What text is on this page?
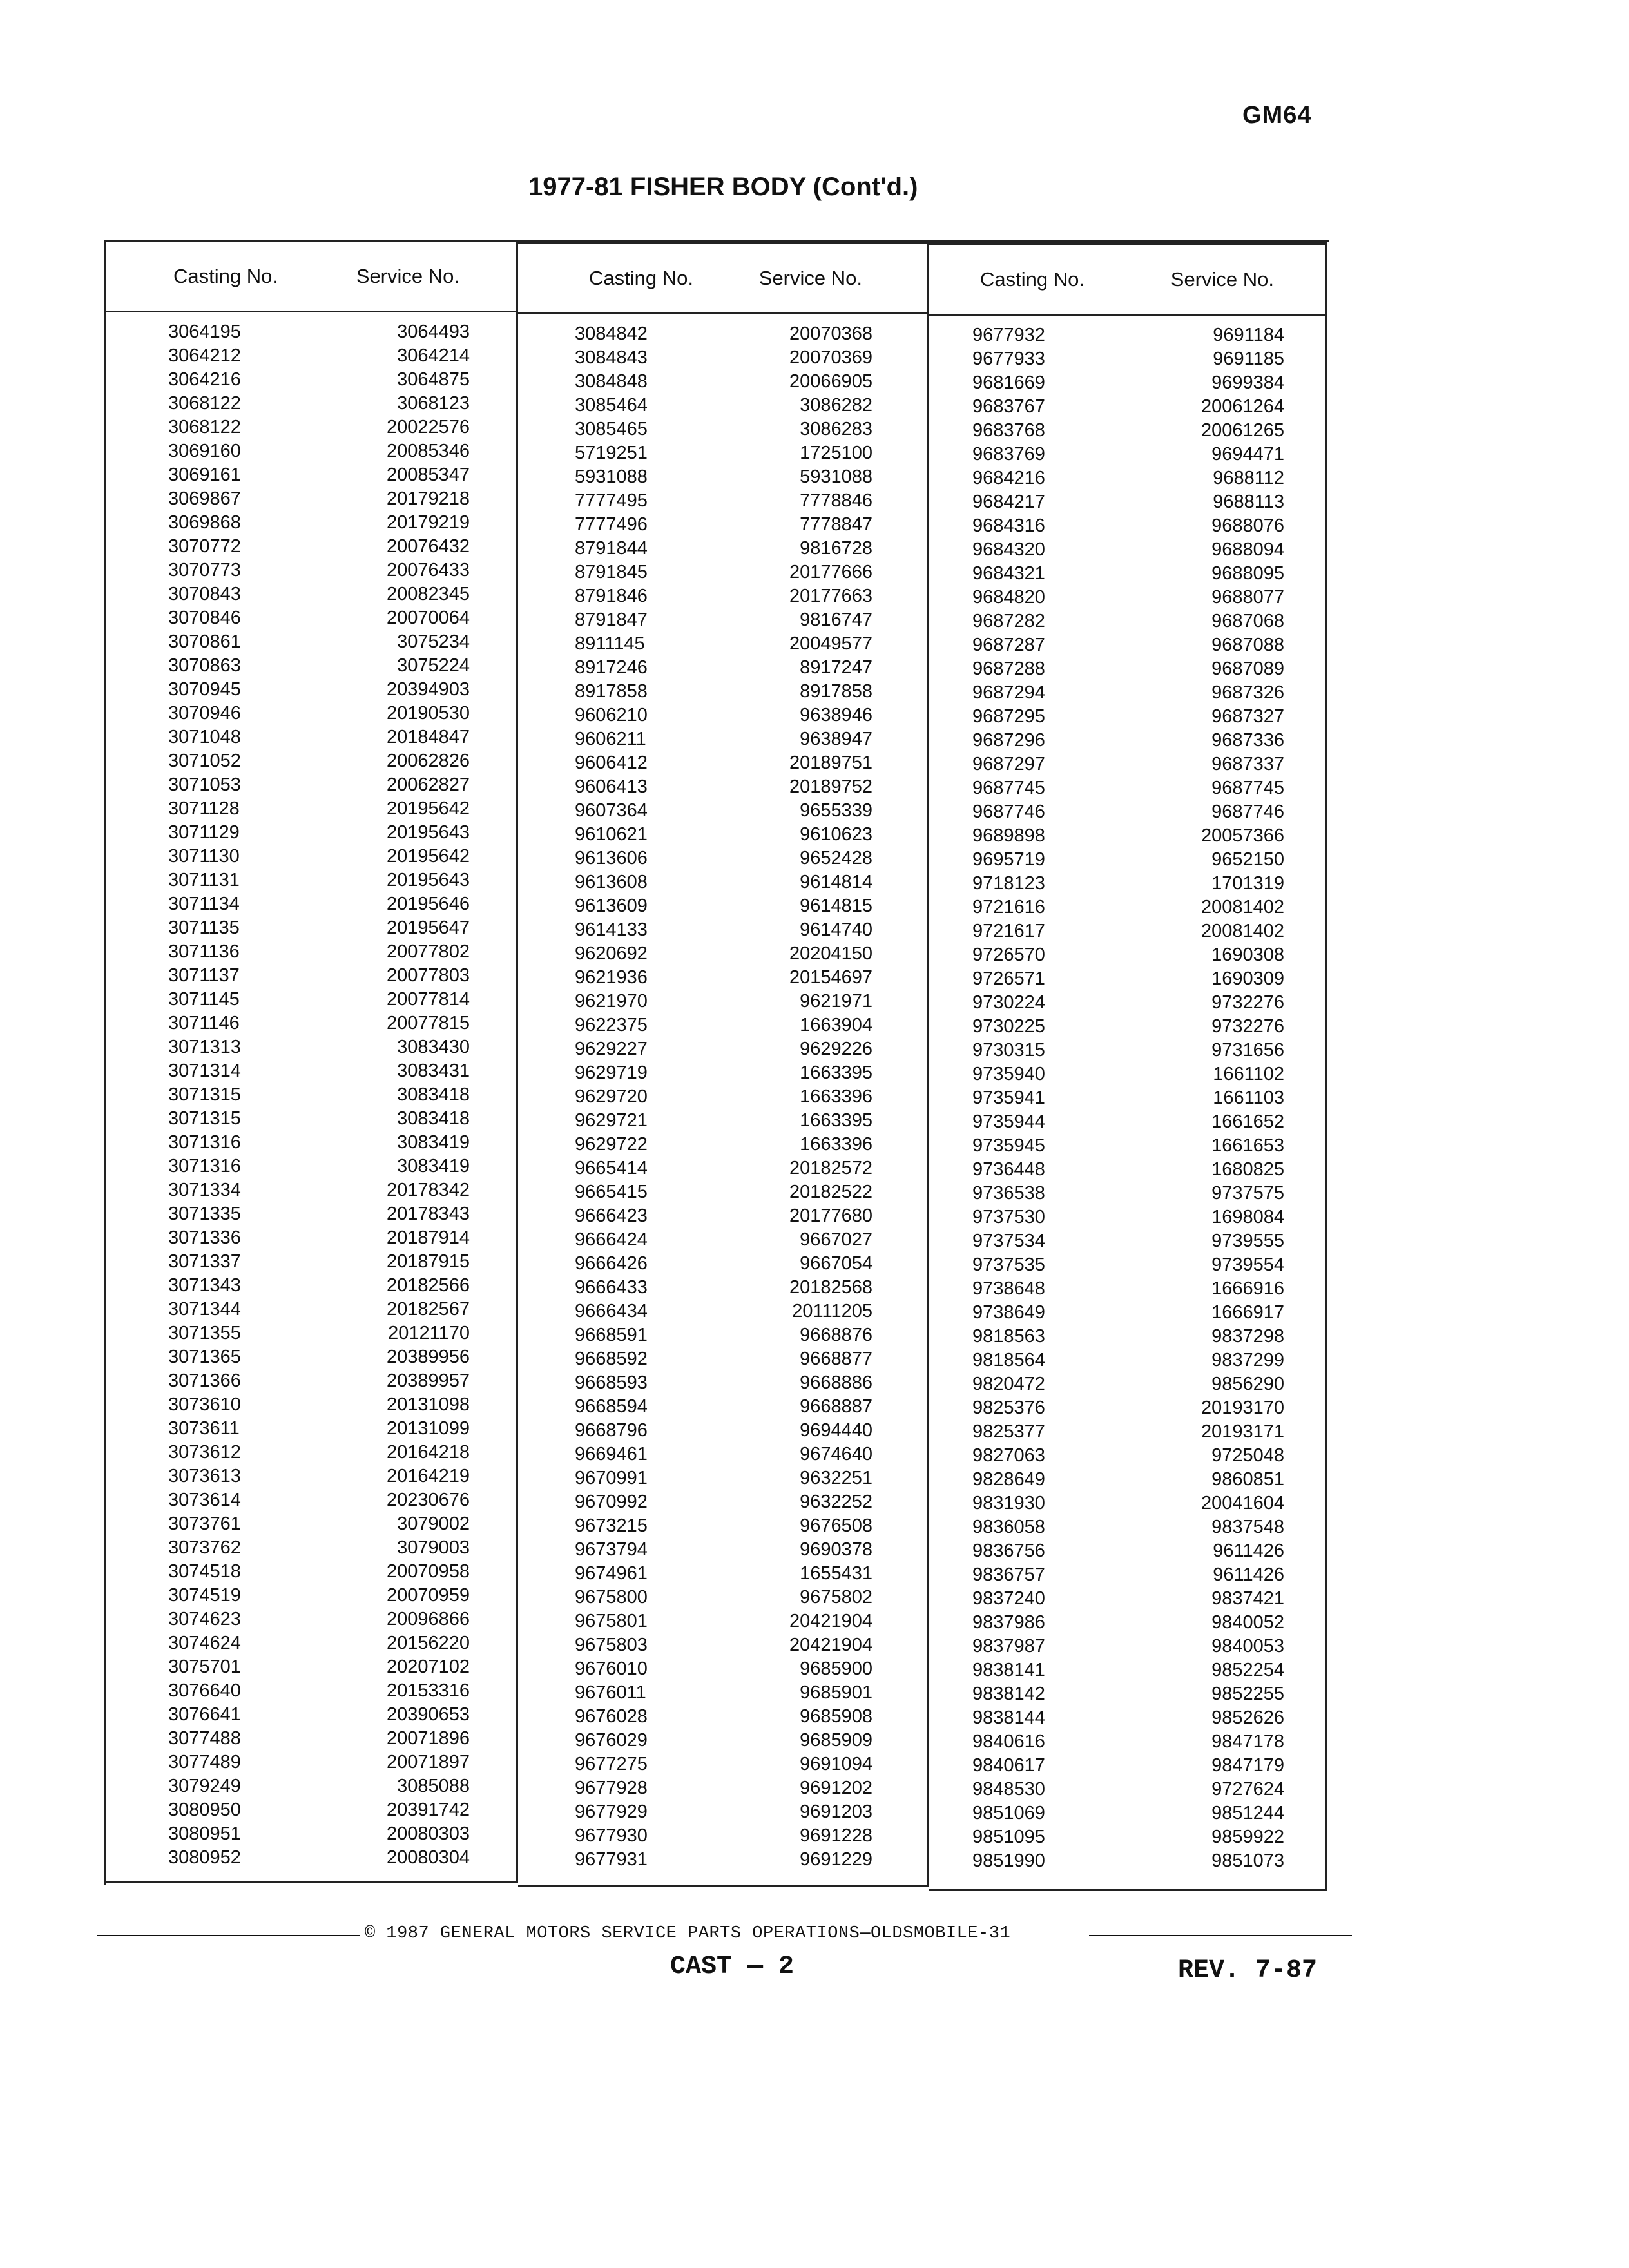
GM64
1977-81 FISHER BODY (Cont'd.)
Casting No.	Service No.
3064195	3064493
3064212	3064214
3064216	3064875
3068122	3068123
3068122	20022576
3069160	20085346
3069161	20085347
3069867	20179218
3069868	20179219
3070772	20076432
3070773	20076433
3070843	20082345
3070846	20070064
3070861	3075234
3070863	3075224
3070945	20394903
3070946	20190530
3071048	20184847
3071052	20062826
3071053	20062827
3071128	20195642
3071129	20195643
3071130	20195642
3071131	20195643
3071134	20195646
3071135	20195647
3071136	20077802
3071137	20077803
3071145	20077814
3071146	20077815
3071313	3083430
3071314	3083431
3071315	3083418
3071315	3083418
3071316	3083419
3071316	3083419
3071334	20178342
3071335	20178343
3071336	20187914
3071337	20187915
3071343	20182566
3071344	20182567
3071355	20121170
3071365	20389956
3071366	20389957
3073610	20131098
3073611	20131099
3073612	20164218
3073613	20164219
3073614	20230676
3073761	3079002
3073762	3079003
3074518	20070958
3074519	20070959
3074623	20096866
3074624	20156220
3075701	20207102
3076640	20153316
3076641	20390653
3077488	20071896
3077489	20071897
3079249	3085088
3080950	20391742
3080951	20080303
3080952	20080304
Casting No.	Service No.
3084842	20070368
3084843	20070369
3084848	20066905
3085464	3086282
3085465	3086283
5719251	1725100
5931088	5931088
7777495	7778846
7777496	7778847
8791844	9816728
8791845	20177666
8791846	20177663
8791847	9816747
8911145	20049577
8917246	8917247
8917858	8917858
9606210	9638946
9606211	9638947
9606412	20189751
9606413	20189752
9607364	9655339
9610621	9610623
9613606	9652428
9613608	9614814
9613609	9614815
9614133	9614740
9620692	20204150
9621936	20154697
9621970	9621971
9622375	1663904
9629227	9629226
9629719	1663395
9629720	1663396
9629721	1663395
9629722	1663396
9665414	20182572
9665415	20182522
9666423	20177680
9666424	9667027
9666426	9667054
9666433	20182568
9666434	20111205
9668591	9668876
9668592	9668877
9668593	9668886
9668594	9668887
9668796	9694440
9669461	9674640
9670991	9632251
9670992	9632252
9673215	9676508
9673794	9690378
9674961	1655431
9675800	9675802
9675801	20421904
9675803	20421904
9676010	9685900
9676011	9685901
9676028	9685908
9676029	9685909
9677275	9691094
9677928	9691202
9677929	9691203
9677930	9691228
9677931	9691229
Casting No.	Service No.
9677932	9691184
9677933	9691185
9681669	9699384
9683767	20061264
9683768	20061265
9683769	9694471
9684216	9688112
9684217	9688113
9684316	9688076
9684320	9688094
9684321	9688095
9684820	9688077
9687282	9687068
9687287	9687088
9687288	9687089
9687294	9687326
9687295	9687327
9687296	9687336
9687297	9687337
9687745	9687745
9687746	9687746
9689898	20057366
9695719	9652150
9718123	1701319
9721616	20081402
9721617	20081402
9726570	1690308
9726571	1690309
9730224	9732276
9730225	9732276
9730315	9731656
9735940	1661102
9735941	1661103
9735944	1661652
9735945	1661653
9736448	1680825
9736538	9737575
9737530	1698084
9737534	9739555
9737535	9739554
9738648	1666916
9738649	1666917
9818563	9837298
9818564	9837299
9820472	9856290
9825376	20193170
9825377	20193171
9827063	9725048
9828649	9860851
9831930	20041604
9836058	9837548
9836756	9611426
9836757	9611426
9837240	9837421
9837986	9840052
9837987	9840053
9838141	9852254
9838142	9852255
9838144	9852626
9840616	9847178
9840617	9847179
9848530	9727624
9851069	9851244
9851095	9859922
9851990	9851073
© 1987 GENERAL MOTORS SERVICE PARTS OPERATIONS—OLDSMOBILE-31
CAST — 2	REV. 7-87
